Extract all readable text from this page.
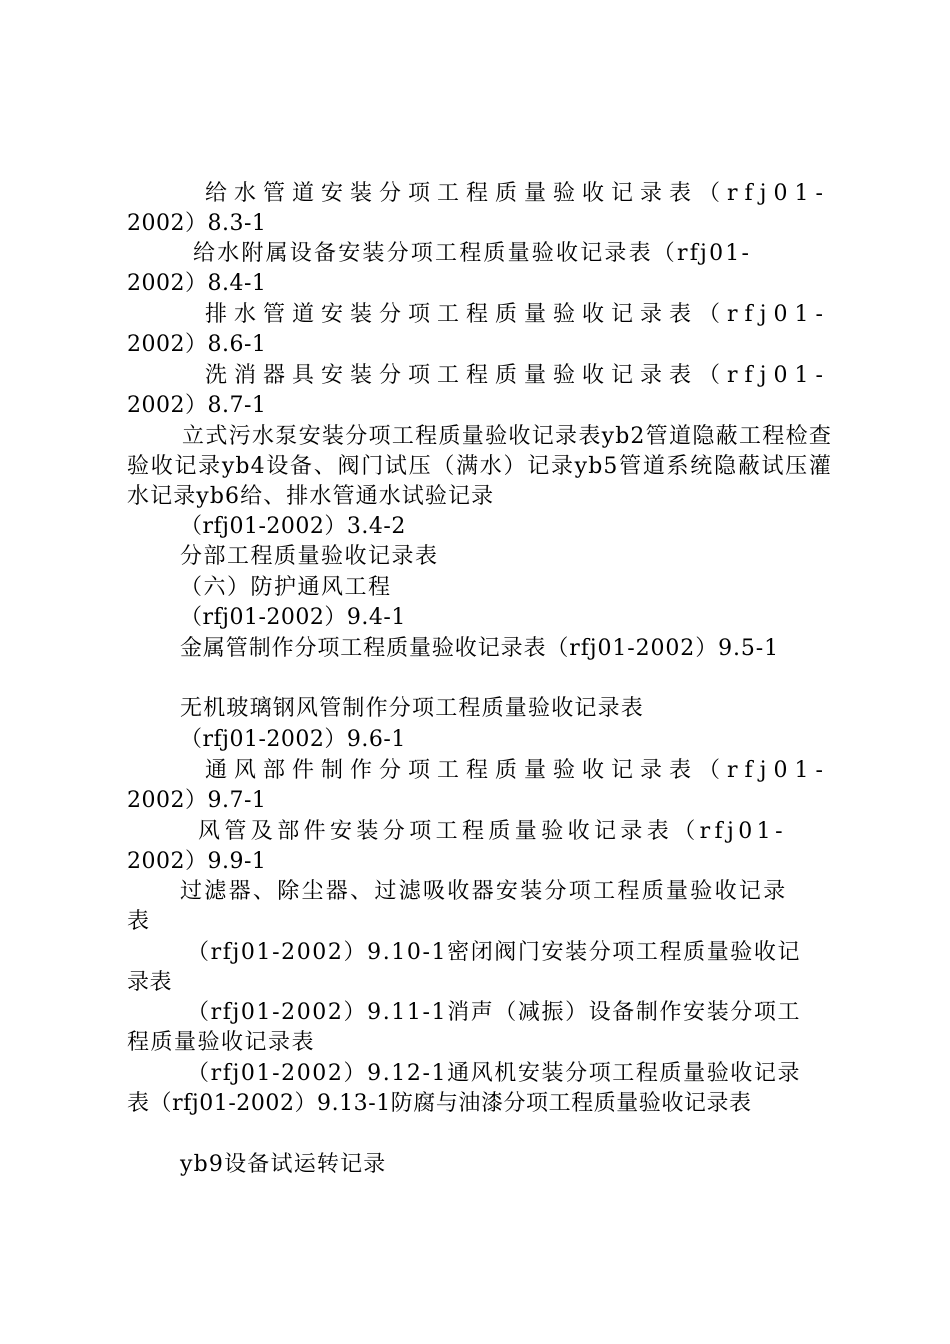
给水管道安装分项工程质量验收记录表（rfj01-
2002）8.3-1
给水附属设备安装分项工程质量验收记录表（rfj01-
2002）8.4-1
排水管道安装分项工程质量验收记录表（rfj01-
2002）8.6-1
洗消器具安装分项工程质量验收记录表（rfj01-
2002）8.7-1
立式污水泵安装分项工程质量验收记录表yb2管道隐蔽工程检查验收记录yb4设备、阀门试压（满水）记录yb5管道系统隐蔽试压灌水记录yb6给、排水管通水试验记录
（rfj01-2002）3.4-2
分部工程质量验收记录表
（六）防护通风工程
（rfj01-2002）9.4-1
金属管制作分项工程质量验收记录表（rfj01-2002）9.5-1
无机玻璃钢风管制作分项工程质量验收记录表
（rfj01-2002）9.6-1
通风部件制作分项工程质量验收记录表（rfj01-
2002）9.7-1
风管及部件安装分项工程质量验收记录表（rfj01-
2002）9.9-1
过滤器、除尘器、过滤吸收器安装分项工程质量验收记录
表
（rfj01-2002）9.10-1密闭阀门安装分项工程质量验收记
录表
（rfj01-2002）9.11-1消声（减振）设备制作安装分项工
程质量验收记录表
（rfj01-2002）9.12-1通风机安装分项工程质量验收记录
表（rfj01-2002）9.13-1防腐与油漆分项工程质量验收记录表
yb9设备试运转记录
